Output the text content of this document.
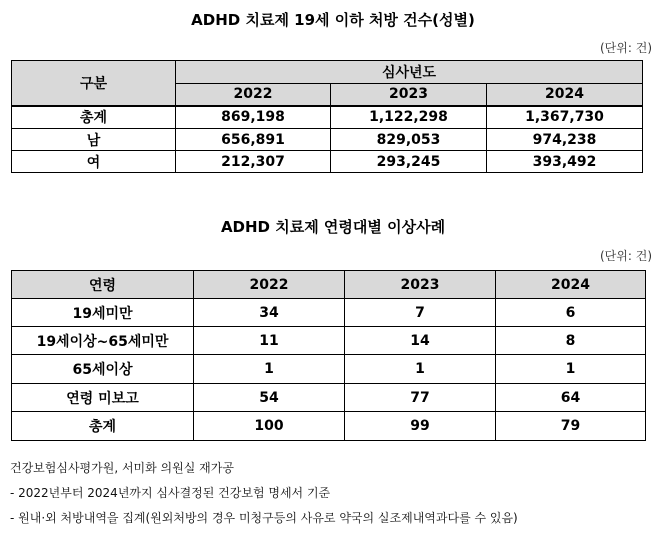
ADHD 치료제 19세 이하 처방 건수(성별)
(단위: 건)
구분	심사년도		
	2022	2023	2024
총계	869,198	1,122,298	1,367,730
남	656,891	829,053	974,238
여	212,307	293,245	393,492
ADHD 치료제 연령대별 이상사례
(단위: 건)
연령	2022	2023	2024
19세미만	34	7	6
19세이상~65세미만	11	14	8
65세이상	1	1	1
연령 미보고	54	77	64
총계	100	99	79
건강보험심사평가원, 서미화 의원실 재가공
- 2022년부터 2024년까지 심사결정된 건강보험 명세서 기준
- 원내·외 처방내역을 집계(원외처방의 경우 미청구등의 사유로 약국의 실조제내역과다를 수 있음)
